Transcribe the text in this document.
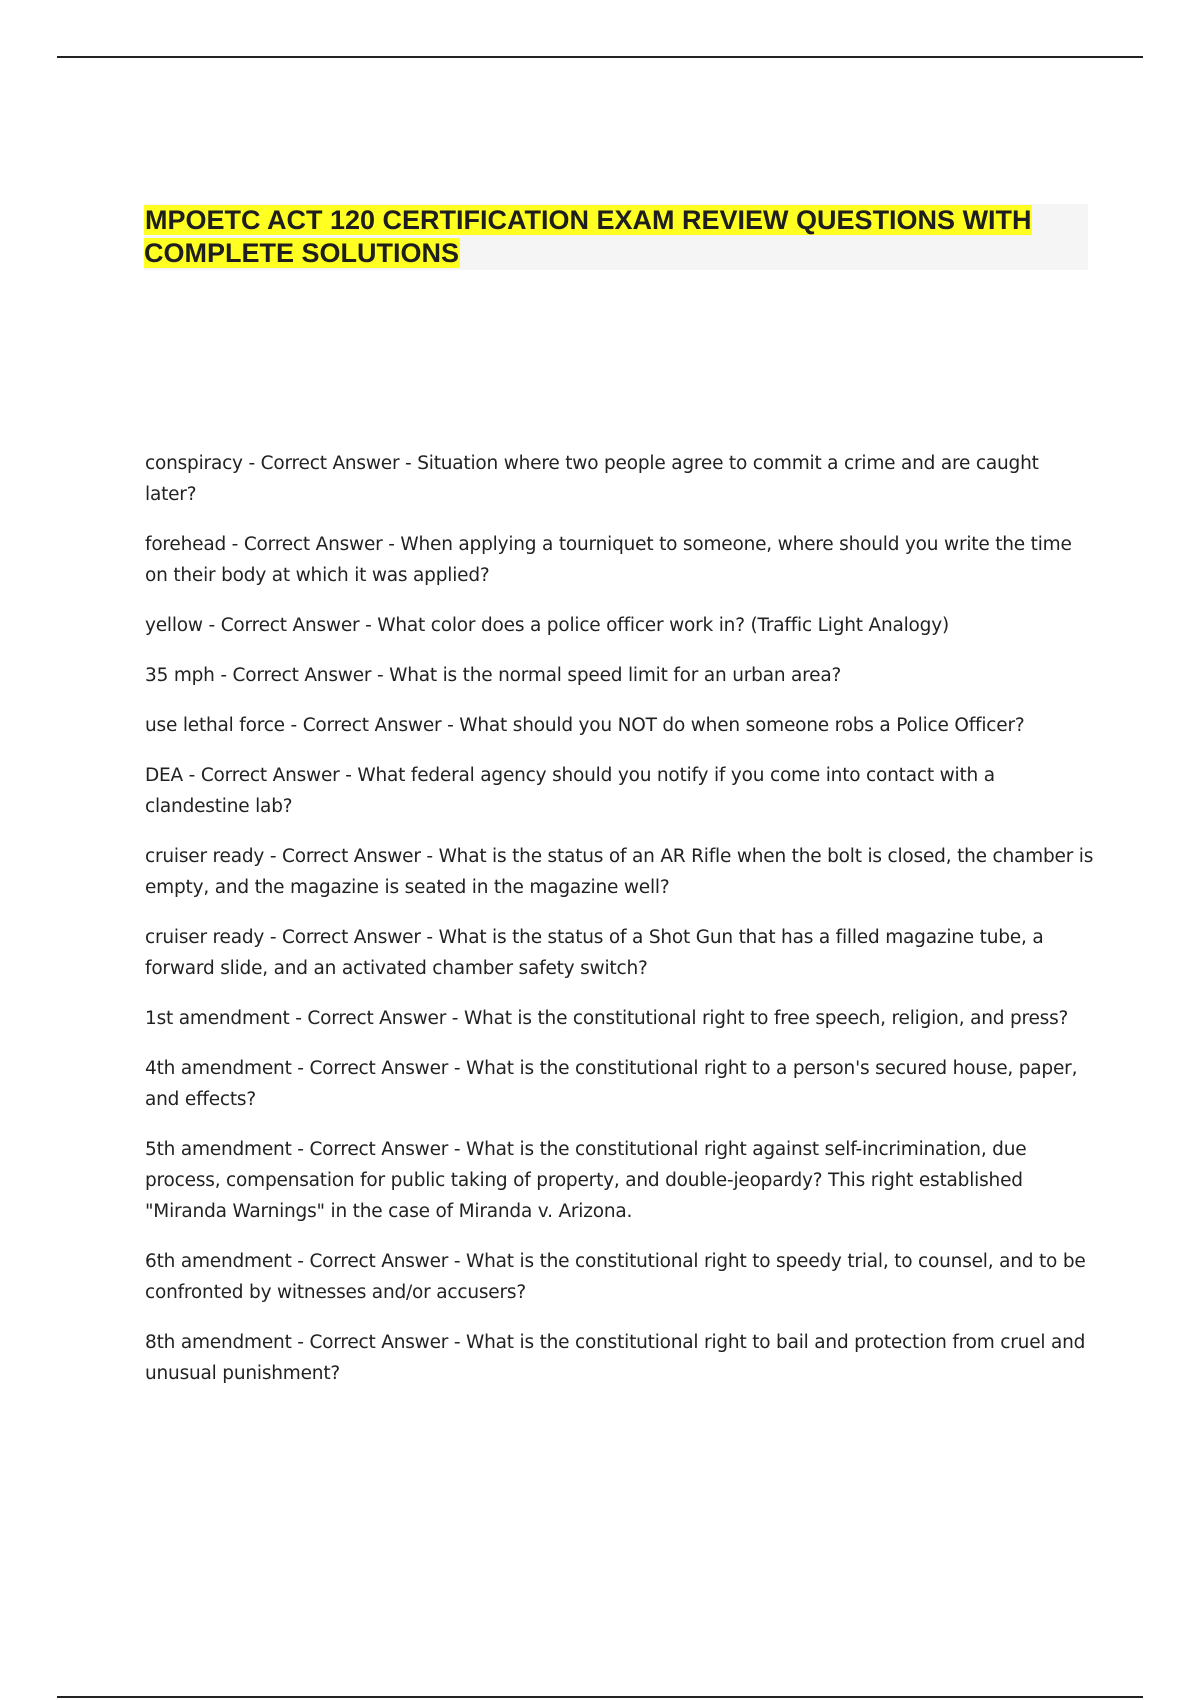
MPOETC ACT 120 CERTIFICATION EXAM REVIEW QUESTIONS WITH COMPLETE SOLUTIONS
conspiracy - Correct Answer - Situation where two people agree to commit a crime and are caught later?
forehead - Correct Answer - When applying a tourniquet to someone, where should you write the time on their body at which it was applied?
yellow - Correct Answer - What color does a police officer work in? (Traffic Light Analogy)
35 mph - Correct Answer - What is the normal speed limit for an urban area?
use lethal force - Correct Answer - What should you NOT do when someone robs a Police Officer?
DEA - Correct Answer - What federal agency should you notify if you come into contact with a clandestine lab?
cruiser ready - Correct Answer - What is the status of an AR Rifle when the bolt is closed, the chamber is empty, and the magazine is seated in the magazine well?
cruiser ready - Correct Answer - What is the status of a Shot Gun that has a filled magazine tube, a forward slide, and an activated chamber safety switch?
1st amendment - Correct Answer - What is the constitutional right to free speech, religion, and press?
4th amendment - Correct Answer - What is the constitutional right to a person's secured house, paper, and effects?
5th amendment - Correct Answer - What is the constitutional right against self-incrimination, due process, compensation for public taking of property, and double-jeopardy? This right established "Miranda Warnings" in the case of Miranda v. Arizona.
6th amendment - Correct Answer - What is the constitutional right to speedy trial, to counsel, and to be confronted by witnesses and/or accusers?
8th amendment - Correct Answer - What is the constitutional right to bail and protection from cruel and unusual punishment?
